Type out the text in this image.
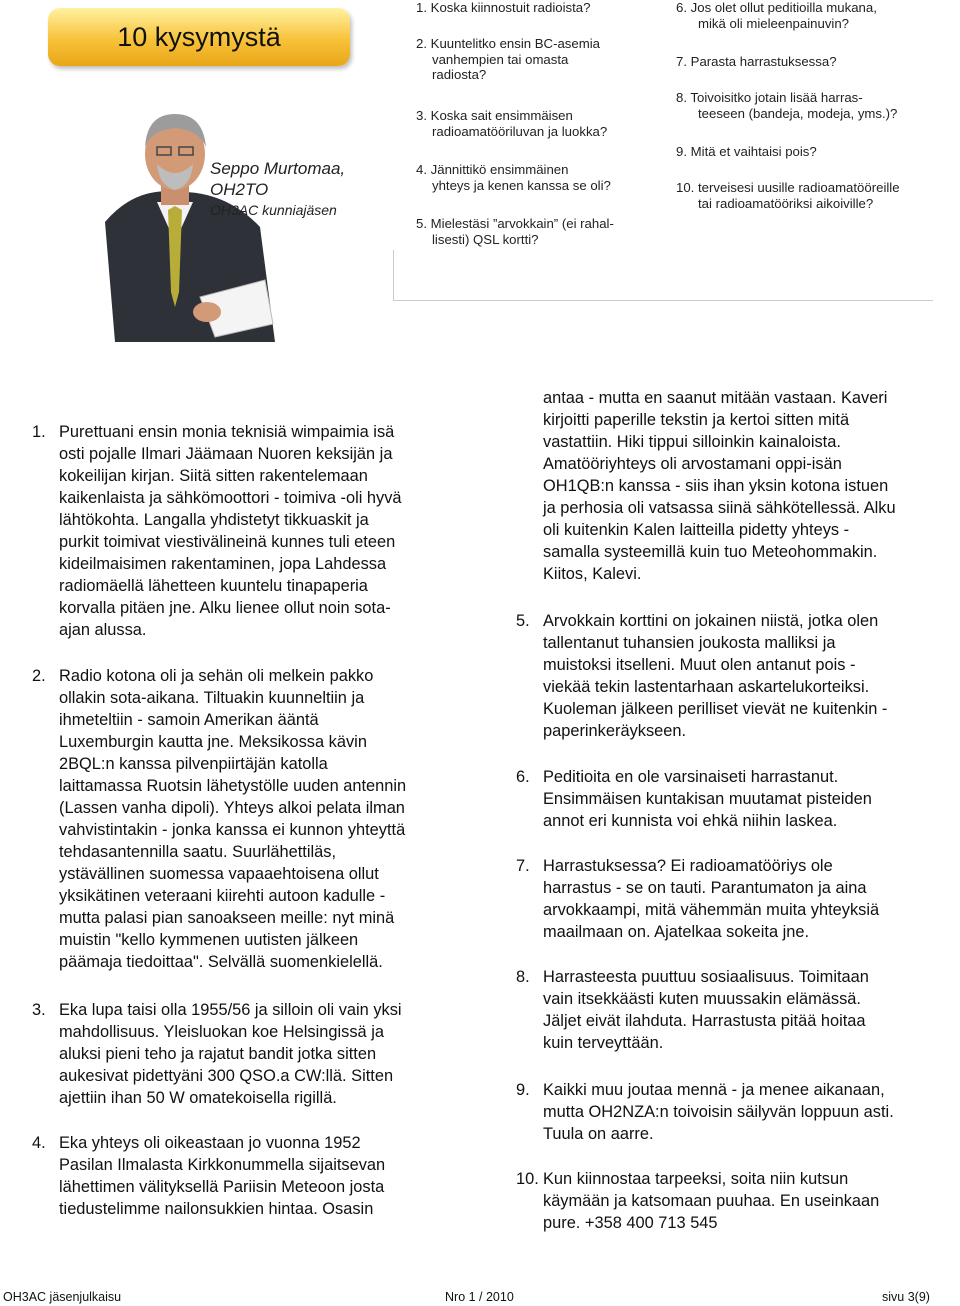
10 kysymystä
Seppo Murtomaa,
OH2TO
OH3AC kunniajäsen
1. Koska kiinnostuit radioista?
2. Kuuntelitko ensin BC-asemia
vanhempien tai omasta
radiosta?
3. Koska sait ensimmäisen
radioamatööriluvan ja luokka?
4. Jännittikö ensimmäinen
yhteys ja kenen kanssa se oli?
5. Mielestäsi ”arvokkain” (ei rahal-
lisesti) QSL kortti?
6. Jos olet ollut peditioilla mukana,
mikä oli mieleenpainuvin?
7. Parasta harrastuksessa?
8. Toivoisitko jotain lisää harras-
teeseen (bandeja, modeja, yms.)?
9. Mitä et vaihtaisi pois?
10. terveisesi uusille radioamatööreille
tai radioamatööriksi aikoiville?
1. Purettuani ensin monia teknisiä wimpaimia isä
osti pojalle Ilmari Jäämaan Nuoren keksijän ja
kokeilijan kirjan. Siitä sitten rakentelemaan
kaikenlaista ja sähkömoottori - toimiva -oli hyvä
lähtökohta. Langalla yhdistetyt tikkuaskit ja
purkit toimivat viestivälineinä kunnes tuli eteen
kideilmaisimen rakentaminen, jopa Lahdessa
radiomäellä lähetteen kuuntelu tinapaperia
korvalla pitäen jne. Alku lienee ollut noin sota-
ajan alussa.
2. Radio kotona oli ja sehän oli melkein pakko
ollakin sota-aikana. Tiltuakin kuunneltiin ja
ihmeteltiin - samoin Amerikan ääntä
Luxemburgin kautta jne. Meksikossa kävin
2BQL:n kanssa pilvenpiirtäjän katolla
laittamassa Ruotsin lähetystölle uuden antennin
(Lassen vanha dipoli). Yhteys alkoi pelata ilman
vahvistintakin - jonka kanssa ei kunnon yhteyttä
tehdasantennilla saatu. Suurlähettiläs,
ystävällinen suomessa vapaaehtoisena ollut
yksikätinen veteraani kiirehti autoon kadulle -
mutta palasi pian sanoakseen meille: nyt minä
muistin "kello kymmenen uutisten jälkeen
päämaja tiedoittaa". Selvällä suomenkielellä.
3. Eka lupa taisi olla 1955/56 ja silloin oli vain yksi
mahdollisuus. Yleisluokan koe Helsingissä ja
aluksi pieni teho ja rajatut bandit jotka sitten
aukesivat pidettyäni 300 QSO.a CW:llä. Sitten
ajettiin ihan 50 W omatekoisella rigillä.
4. Eka yhteys oli oikeastaan jo vuonna 1952
Pasilan Ilmalasta Kirkkonummella sijaitsevan
lähettimen välityksellä Pariisin Meteoon josta
tiedustelimme nailonsukkien hintaa. Osasin
antaa - mutta en saanut mitään vastaan. Kaveri
kirjoitti paperille tekstin ja kertoi sitten mitä
vastattiin. Hiki tippui silloinkin kainaloista.
Amatööriyhteys oli arvostamani oppi-isän
OH1QB:n kanssa - siis ihan yksin kotona istuen
ja perhosia oli vatsassa siinä sähkötellessä. Alku
oli kuitenkin Kalen laitteilla pidetty yhteys -
samalla systeemillä kuin tuo Meteohommakin.
Kiitos, Kalevi.
5. Arvokkain korttini on jokainen niistä, jotka olen
tallentanut tuhansien joukosta malliksi ja
muistoksi itselleni. Muut olen antanut pois -
viekää tekin lastentarhaan askartelukorteiksi.
Kuoleman jälkeen perilliset vievät ne kuitenkin -
paperinkeräykseen.
6. Peditioita en ole varsinaiseti harrastanut.
Ensimmäisen kuntakisan muutamat pisteiden
annot eri kunnista voi ehkä niihin laskea.
7. Harrastuksessa? Ei radioamatööriys ole
harrastus - se on tauti. Parantumaton ja aina
arvokkaampi, mitä vähemmän muita yhteyksiä
maailmaan on. Ajatelkaa sokeita jne.
8. Harrasteesta puuttuu sosiaalisuus. Toimitaan
vain itsekkäästi kuten muussakin elämässä.
Jäljet eivät ilahduta. Harrastusta pitää hoitaa
kuin terveyttään.
9. Kaikki muu joutaa mennä - ja menee aikanaan,
mutta OH2NZA:n toivoisin säilyvän loppuun asti.
Tuula on aarre.
10. Kun kiinnostaa tarpeeksi, soita niin kutsun
käymään ja katsomaan puuhaa. En useinkaan
pure. +358 400 713 545
OH3AC jäsenjulkaisu	Nro 1 / 2010	sivu 3(9)
